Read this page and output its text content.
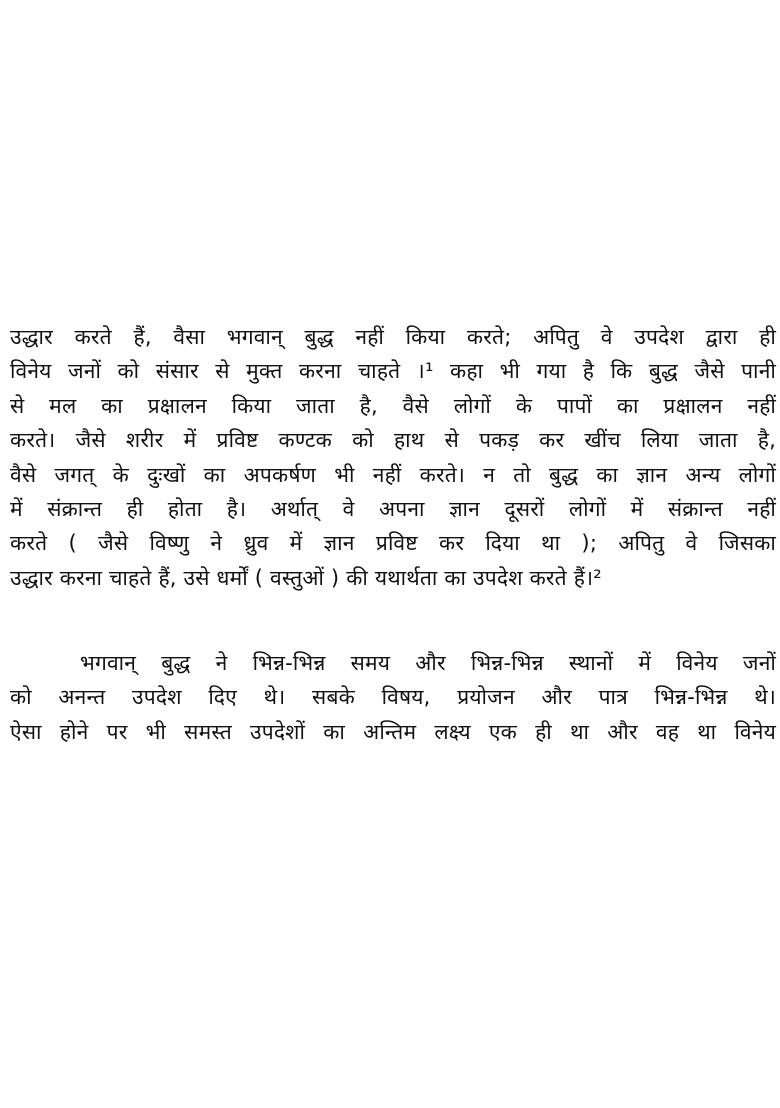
उद्धार करते हैं, वैसा भगवान् बुद्ध नहीं किया करते; अपितु वे उपदेश द्वारा ही
विनेय जनों को संसार से मुक्त करना चाहते ।¹ कहा भी गया है कि बुद्ध जैसे पानी
से मल का प्रक्षालन किया जाता है, वैसे लोगों के पापों का प्रक्षालन नहीं
करते। जैसे शरीर में प्रविष्ट कण्टक को हाथ से पकड़ कर खींच लिया जाता है,
वैसे जगत् के दुःखों का अपकर्षण भी नहीं करते। न तो बुद्ध का ज्ञान अन्य लोगों
में संक्रान्त ही होता है। अर्थात् वे अपना ज्ञान दूसरों लोगों में संक्रान्त नहीं
करते ( जैसे विष्णु ने ध्रुव में ज्ञान प्रविष्ट कर दिया था ); अपितु वे जिसका
उद्धार करना चाहते हैं, उसे धर्मों ( वस्तुओं ) की यथार्थता का उपदेश करते हैं।²
भगवान् बुद्ध ने भिन्न-भिन्न समय और भिन्न-भिन्न स्थानों में विनेय जनों
को अनन्त उपदेश दिए थे। सबके विषय, प्रयोजन और पात्र भिन्न-भिन्न थे।
ऐसा होने पर भी समस्त उपदेशों का अन्तिम लक्ष्य एक ही था और वह था विनेय
